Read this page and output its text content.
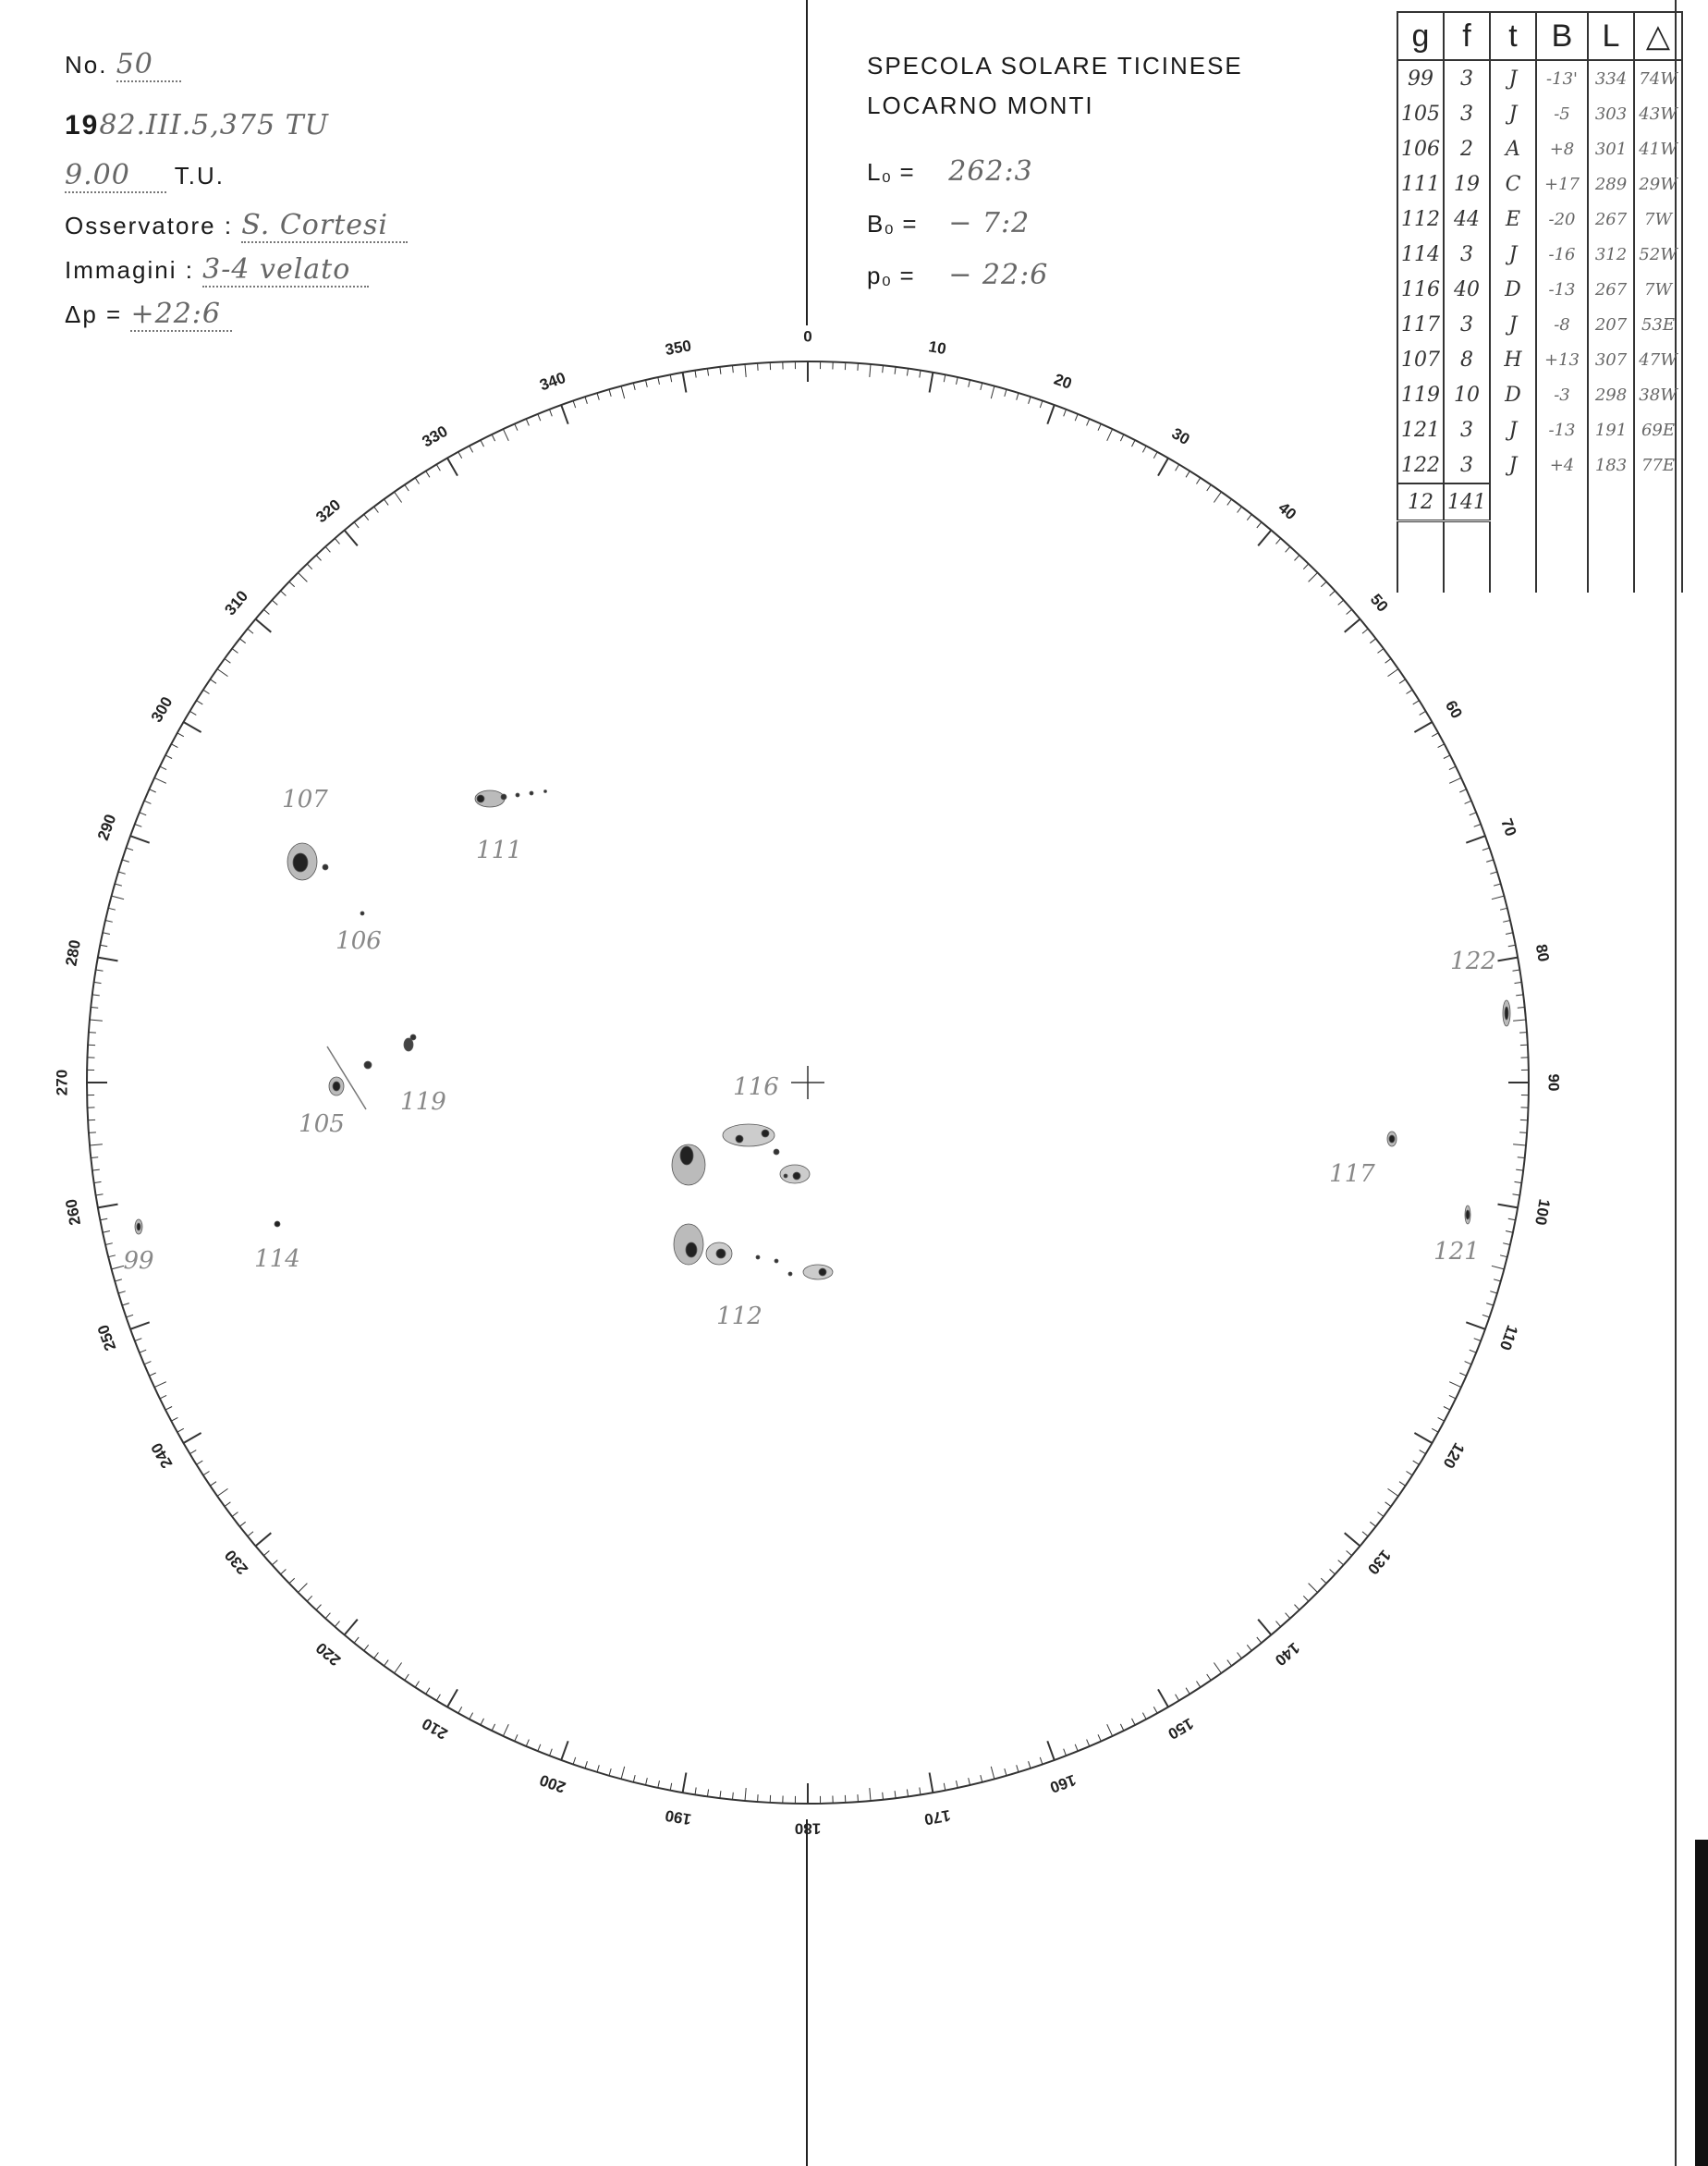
No. 50
1982.III.5,375 TU
9.00 T.U.
Osservatore : S. Cortesi
Immagini : 3-4 velato
Δp = +22:6
SPECOLA SOLARE TICINESE
LOCARNO MONTI
L₀ = 262:3
B₀ = − 7:2
p₀ = − 22:6
g	f	t	B	L	△
99	3	J	-13'	334	74W
105	3	J	-5	303	43W
106	2	A	+8	301	41W
111	19	C	+17	289	29W
112	44	E	-20	267	7W
114	3	J	-16	312	52W
116	40	D	-13	267	7W
117	3	J	-8	207	53E
107	8	H	+13	307	47W
119	10	D	-3	298	38W
121	3	J	-13	191	69E
122	3	J	+4	183	77E
12	141				

0
10
20
30
40
50
60
70
80
90
100
110
120
130
140
150
160
170
180
190
200
210
220
230
240
250
260
270
280
290
300
310
320
330
340
350
107
111
106
105
119
116
112
99	114
122
117
121
